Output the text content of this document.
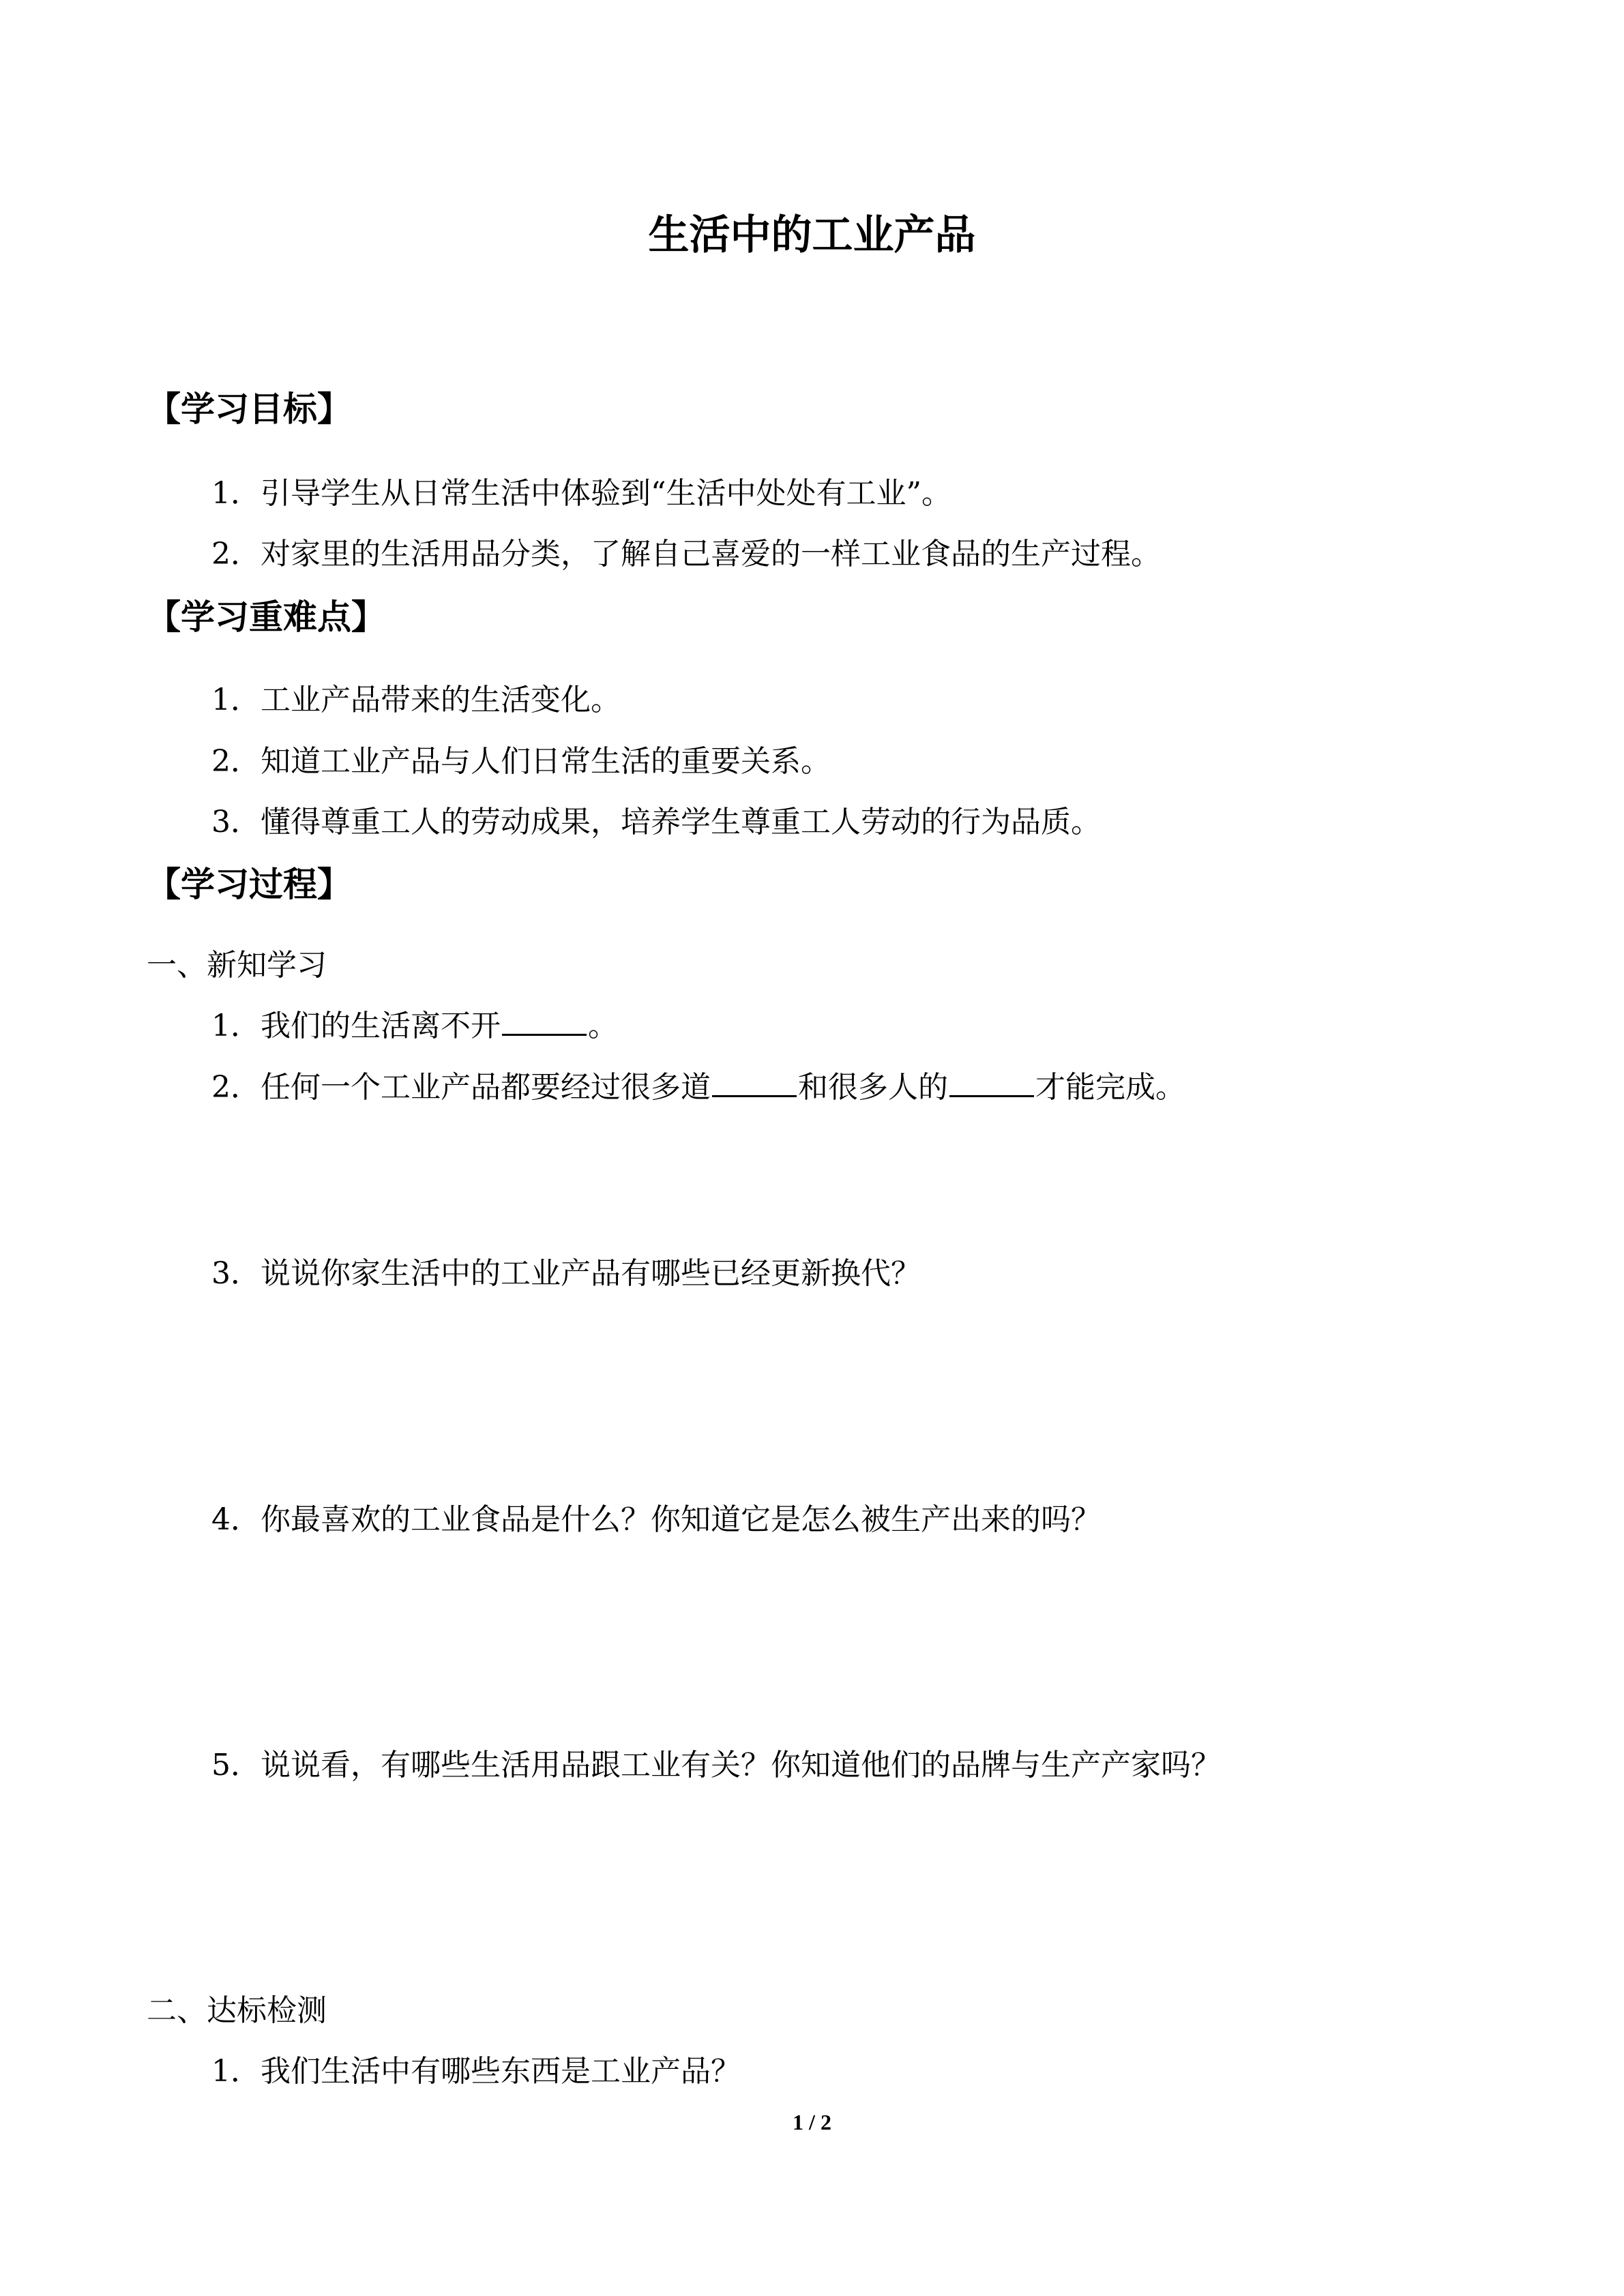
生活中的工业产品
【学习目标】
1．引导学生从日常生活中体验到“生活中处处有工业”。
2．对家里的生活用品分类，了解自己喜爱的一样工业食品的生产过程。
【学习重难点】
1．工业产品带来的生活变化。
2．知道工业产品与人们日常生活的重要关系。
3．懂得尊重工人的劳动成果，培养学生尊重工人劳动的行为品质。
【学习过程】
一、新知学习
1．我们的生活离不开	。
2．任何一个工业产品都要经过很多道	和很多人的	才能完成。
3．说说你家生活中的工业产品有哪些已经更新换代？
4．你最喜欢的工业食品是什么？你知道它是怎么被生产出来的吗？
5．说说看，有哪些生活用品跟工业有关？你知道他们的品牌与生产产家吗？
二、达标检测
1．我们生活中有哪些东西是工业产品？
1 / 2
